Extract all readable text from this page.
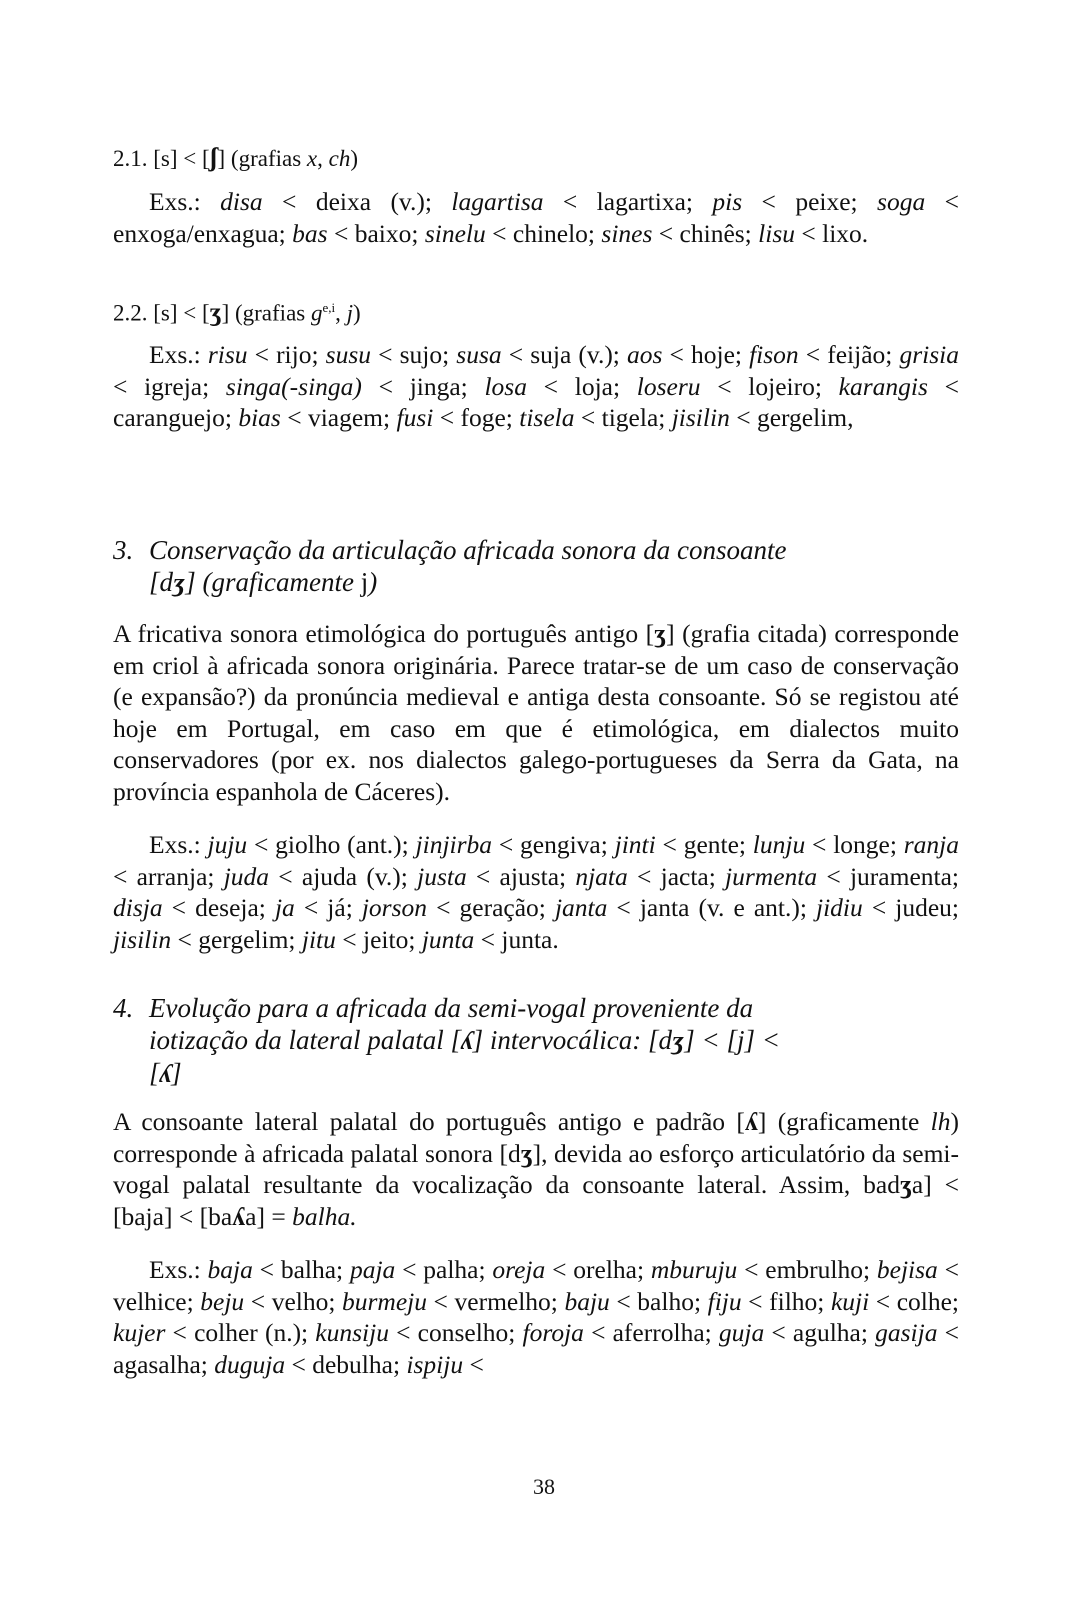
2.1. [s] < [ʃ] (grafias x, ch)

Exs.: disa < deixa (v.); lagartisa < lagartixa; pis < peixe; soga < enxoga/enxagua; bas < baixo; sinelu < chinelo; sines < chinês; lisu < lixo.

2.2. [s] < [ʒ] (grafias $g^{e,i}$, j)

Exs.: risu < rijo; susu < sujo; susa < suja (v.); aos < hoje; fison < feijão; grisia < igreja; singa(-singa) < jinga; losa < loja; loseru < lojeiro; karangis < caranguejo; bias < viagem; fusi < foge; tisela < tigela; jisilin < gergelim,

3. Conservação da articulação africada sonora da consoante
[dʒ] (graficamente j)

A fricativa sonora etimológica do português antigo [ʒ] (grafia citada) corresponde em criol à africada sonora originária. Parece tratar-se de um caso de conservação (e expansão?) da pronúncia medieval e antiga desta consoante. Só se registou até hoje em Portugal, em caso em que é etimológica, em dialectos muito conservadores (por ex. nos dialectos galego-portugueses da Serra da Gata, na província espanhola de Cáceres).

Exs.: juju < giolho (ant.); jinjirba < gengiva; jinti < gente; lunju < longe; ranja < arranja; juda < ajuda (v.); justa < ajusta; njata < jacta; jurmenta < juramenta; disja < deseja; ja < já; jorson < geração; janta < janta (v. e ant.); jidiu < judeu; jisilin < gergelim; jitu < jeito; junta < junta.

4. Evolução para a africada da semi-vogal proveniente da
iotização da lateral palatal [ʎ] intervocálica: [dʒ] < [j] <
[ʎ]

A consoante lateral palatal do português antigo e padrão [ʎ] (graficamente lh) corresponde à africada palatal sonora [dʒ], devida ao esforço articulatório da semi-vogal palatal resultante da vocalização da consoante lateral. Assim, badʒa] < [baja] < [baʎa] = balha.

Exs.: baja < balha; paja < palha; oreja < orelha; mburuju < embrulho; bejisa < velhice; beju < velho; burmeju < vermelho; baju < balho; fiju < filho; kuji < colhe; kujer < colher (n.); kunsiju < conselho; foroja < aferrolha; guja < agulha; gasija < agasalha; duguja < debulha; ispiju <

38
